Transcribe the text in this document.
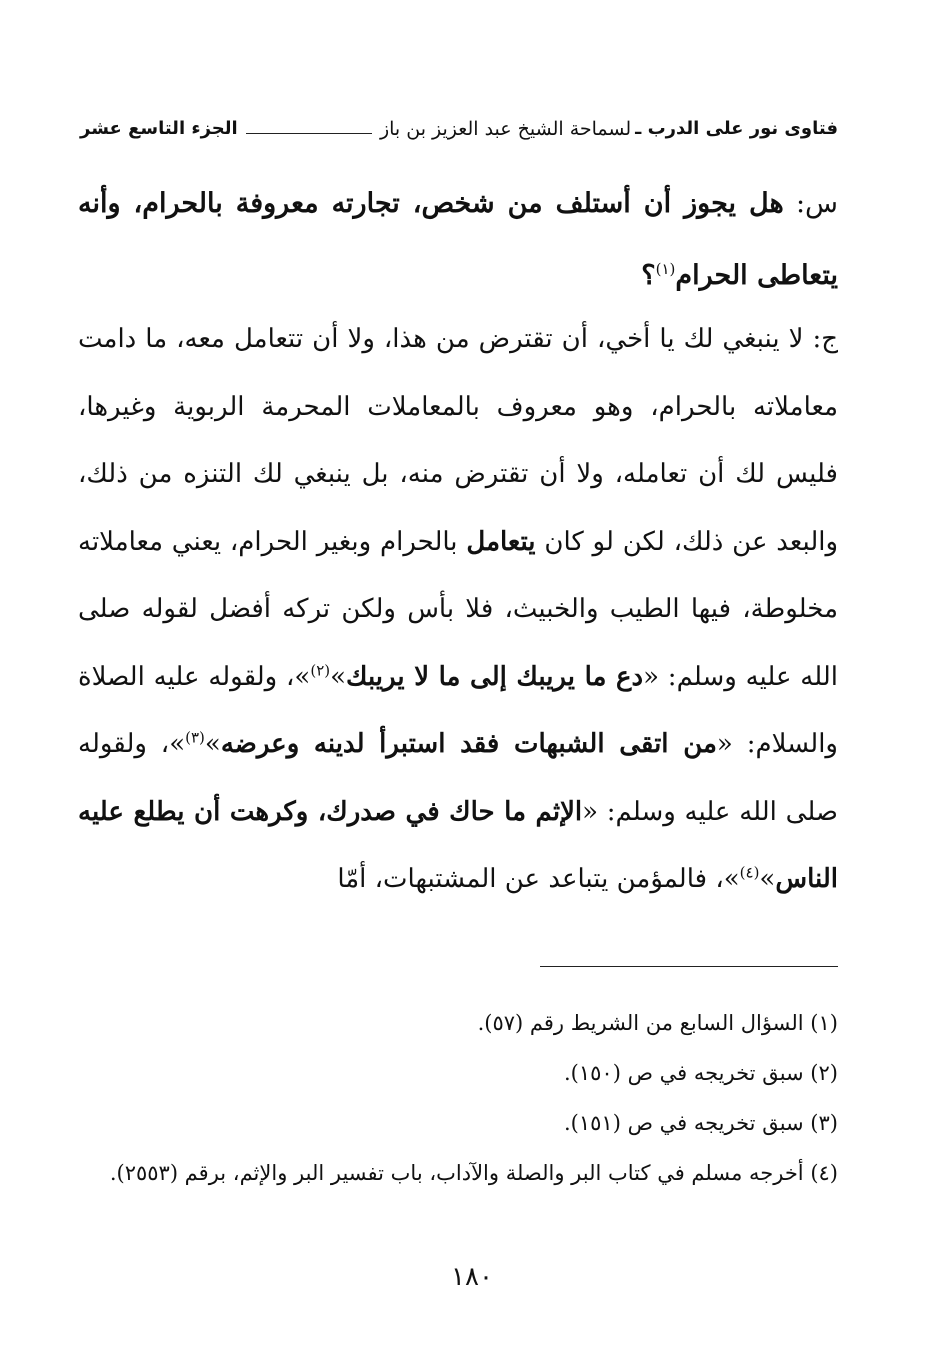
فتاوى نور على الدرب ـ
لسماحة الشيخ عبد العزيز بن باز
الجزء التاسع عشر
س: هل يجوز أن أستلف من شخص، تجارته معروفة بالحرام، وأنه يتعاطى الحرام$^{(١)}$؟
ج: لا ينبغي لك يا أخي، أن تقترض من هذا، ولا أن تتعامل معه، ما دامت معاملاته بالحرام، وهو معروف بالمعاملات المحرمة الربوية وغيرها، فليس لك أن تعامله، ولا أن تقترض منه، بل ينبغي لك التنزه من ذلك، والبعد عن ذلك، لكن لو كان يتعامل بالحرام وبغير الحرام، يعني معاملاته مخلوطة، فيها الطيب والخبيث، فلا بأس ولكن تركه أفضل لقوله صلى الله عليه وسلم: «دع ما يريبك إلى ما لا يريبك»$^{(٢)}$»، ولقوله عليه الصلاة والسلام: «من اتقى الشبهات فقد استبرأ لدينه وعرضه»$^{(٣)}$»، ولقوله صلى الله عليه وسلم: «الإثم ما حاك في صدرك، وكرهت أن يطلع عليه الناس»$^{(٤)}$»، فالمؤمن يتباعد عن المشتبهات، أمّا
(١) السؤال السابع من الشريط رقم (٥٧).
(٢) سبق تخريجه في ص (١٥٠).
(٣) سبق تخريجه في ص (١٥١).
(٤) أخرجه مسلم في كتاب البر والصلة والآداب، باب تفسير البر والإثم، برقم (٢٥٥٣).
١٨٠
